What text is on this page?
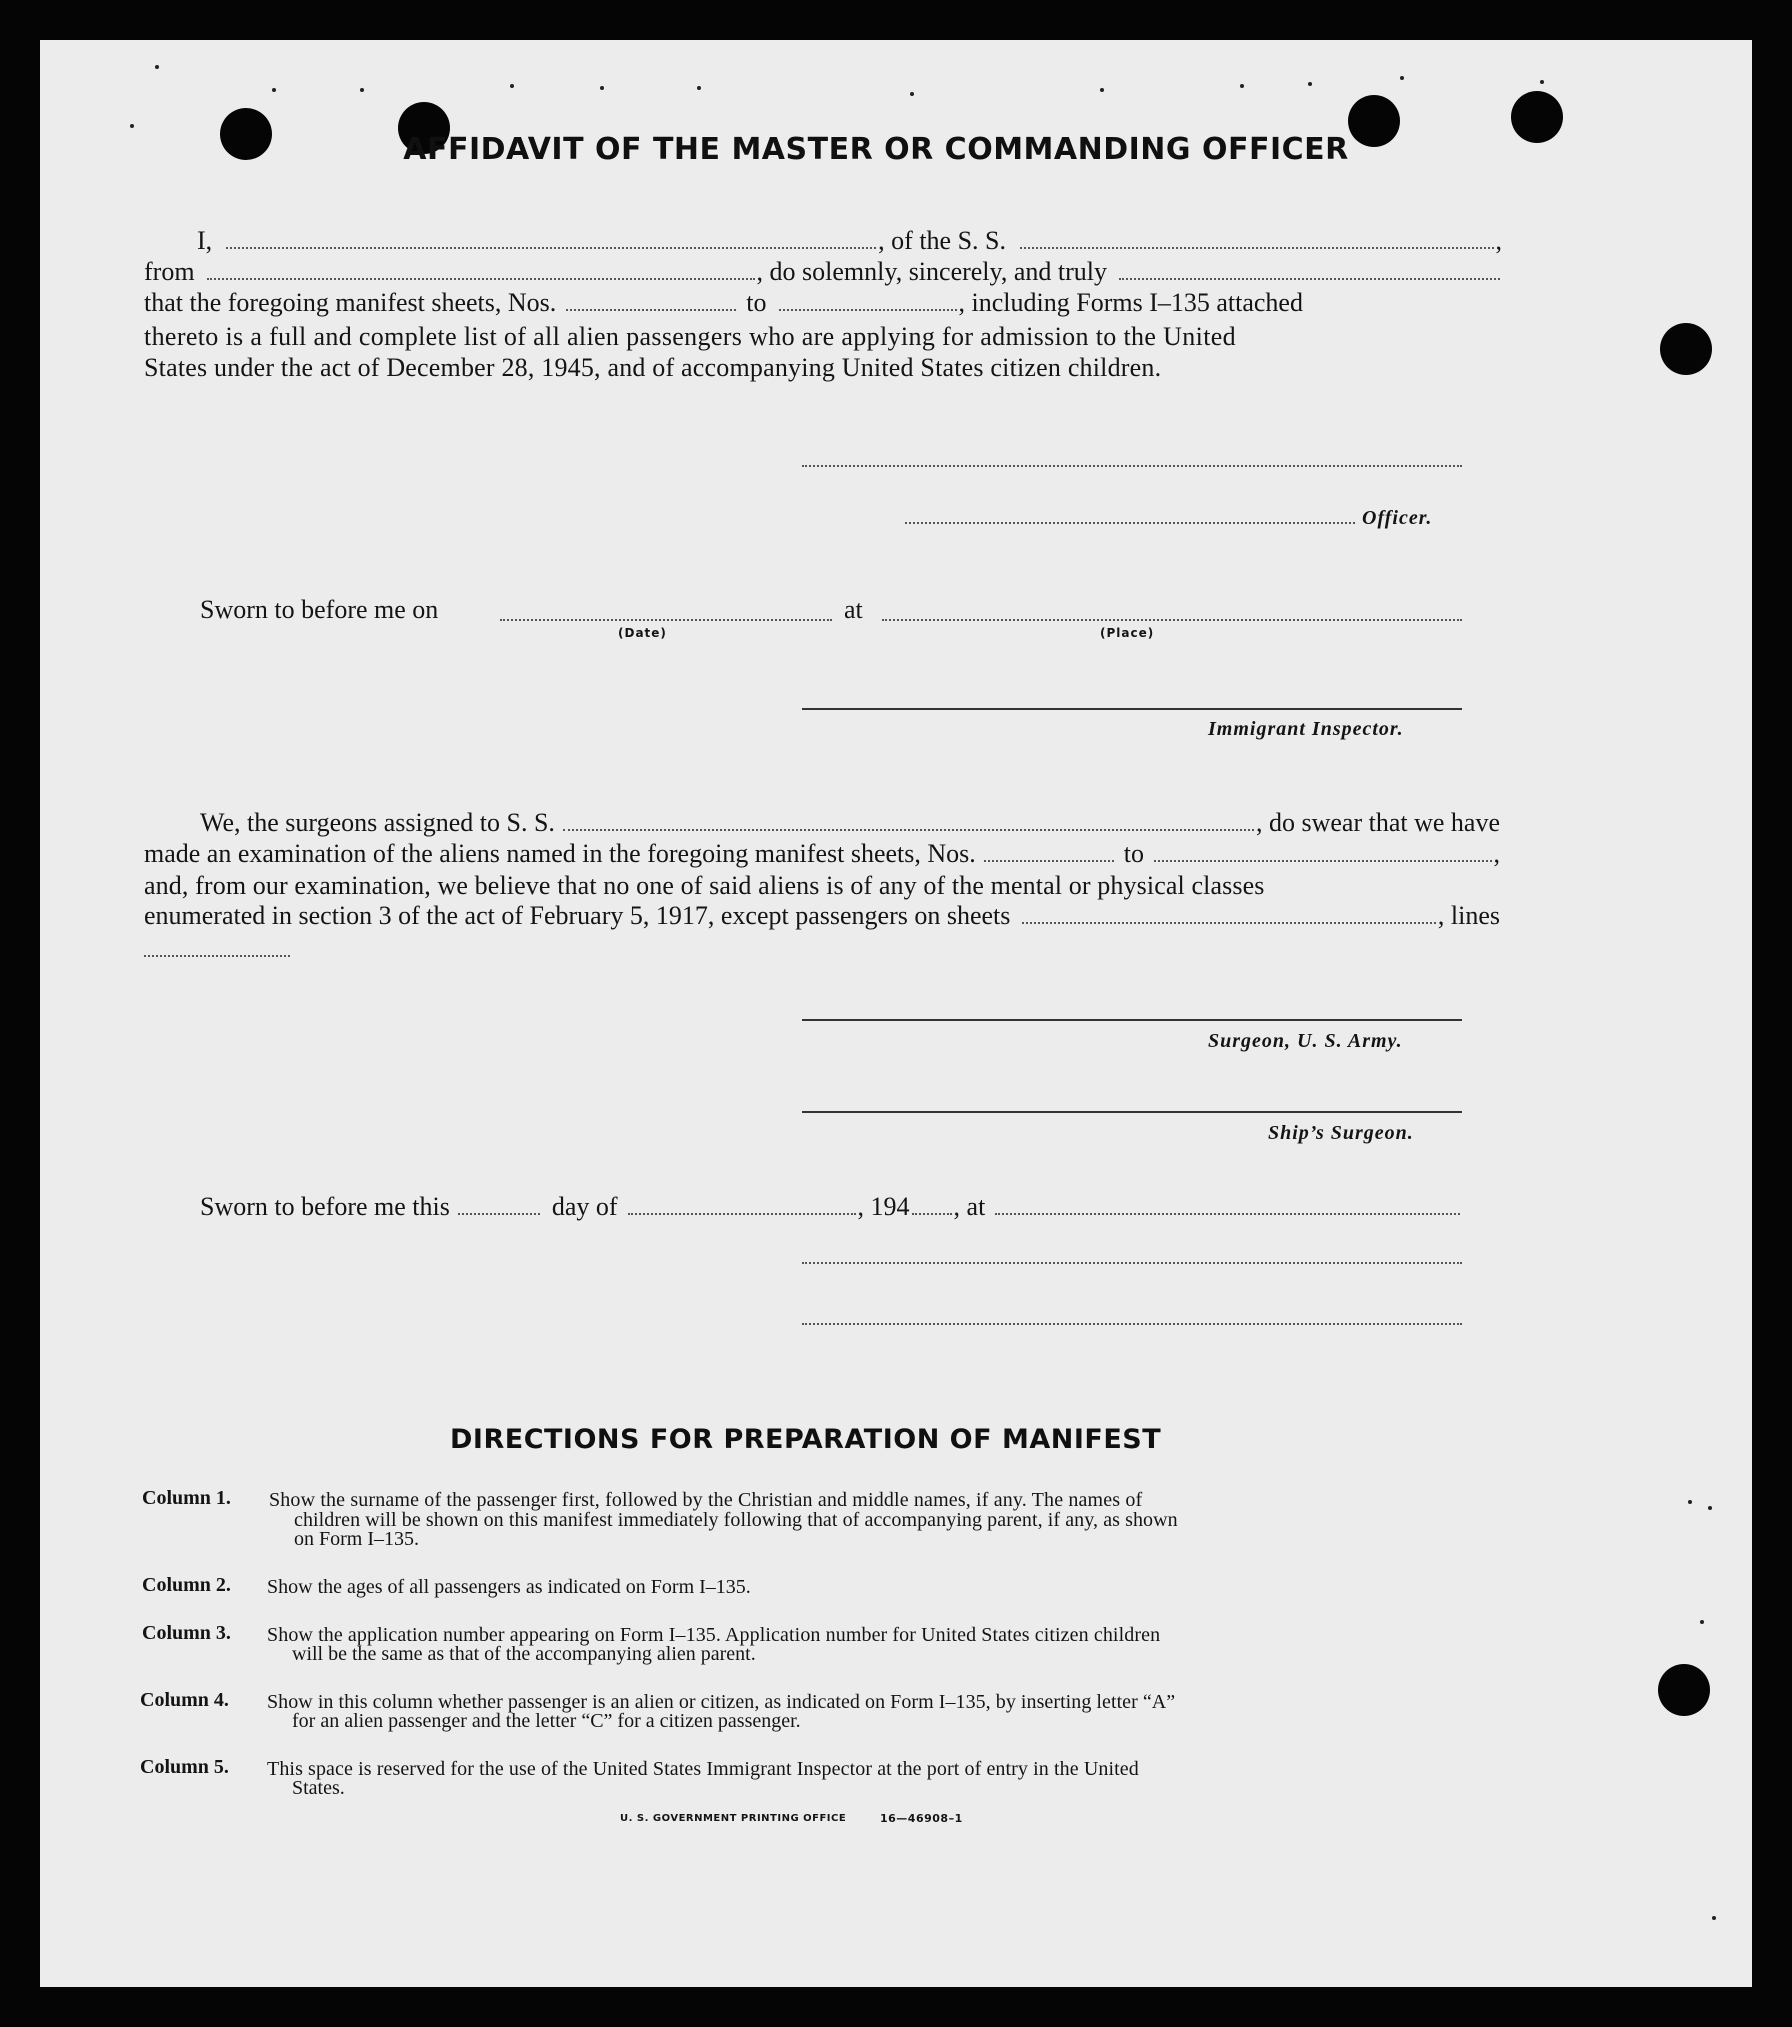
AFFIDAVIT OF THE MASTER OR COMMANDING OFFICER
I,	, of the S. S.	,
from	, do solemnly, sincerely, and truly
that the foregoing manifest sheets, Nos.	to	, including Forms I–135 attached
thereto is a full and complete list of all alien passengers who are applying for admission to the United
States under the act of December 28, 1945, and of accompanying United States citizen children.
Officer.
Sworn to before me on	at
(Date)	(Place)
Immigrant Inspector.
We, the surgeons assigned to S. S.	, do swear that we have
made an examination of the aliens named in the foregoing manifest sheets, Nos.	to	,
and, from our examination, we believe that no one of said aliens is of any of the mental or physical classes
enumerated in section 3 of the act of February 5, 1917, except passengers on sheets	, lines
Surgeon, U. S. Army.
Ship’s Surgeon.
Sworn to before me this	day of	, 194 , at
DIRECTIONS FOR PREPARATION OF MANIFEST
Column 1. Show the surname of the passenger first, followed by the Christian and middle names, if any. The names of
children will be shown on this manifest immediately following that of accompanying parent, if any, as shown
on Form I–135.
Column 2. Show the ages of all passengers as indicated on Form I–135.
Column 3. Show the application number appearing on Form I–135. Application number for United States citizen children
will be the same as that of the accompanying alien parent.
Column 4. Show in this column whether passenger is an alien or citizen, as indicated on Form I–135, by inserting letter “A”
for an alien passenger and the letter “C” for a citizen passenger.
Column 5. This space is reserved for the use of the United States Immigrant Inspector at the port of entry in the United
States.
U. S. GOVERNMENT PRINTING OFFICE	16—46908–1
